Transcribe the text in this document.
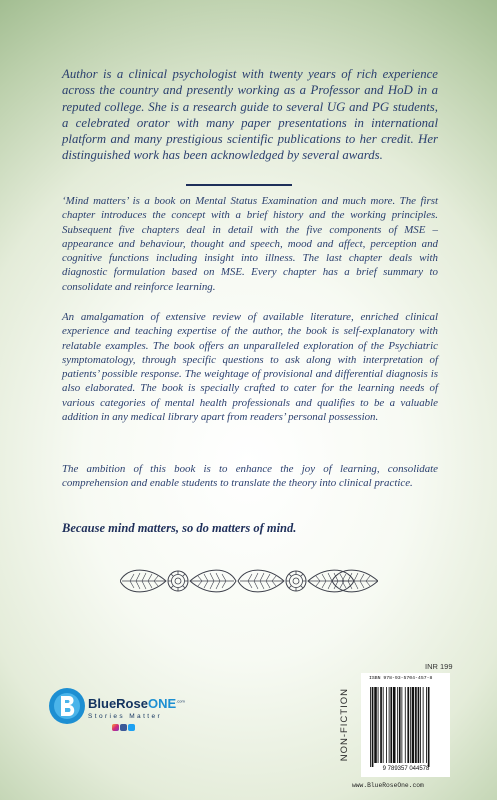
Author is a clinical psychologist with twenty years of rich experience across the country and presently working as a Professor and HoD in a reputed college. She is a research guide to several UG and PG students, a celebrated orator with many paper presentations in international platform and many prestigious scientific publications to her credit. Her distinguished work has been acknowledged by several awards.

‘Mind matters’ is a book on Mental Status Examination and much more. The first chapter introduces the concept with a brief history and the working principles. Subsequent five chapters deal in detail with the five components of MSE – appearance and behaviour, thought and speech, mood and affect, perception and cognitive functions including insight into illness. The last chapter deals with diagnostic formulation based on MSE. Every chapter has a brief summary to consolidate and reinforce learning.

An amalgamation of extensive review of available literature, enriched clinical experience and teaching expertise of the author, the book is self-explanatory with relatable examples. The book offers an unparalleled exploration of the Psychiatric symptomatology, through specific questions to ask along with interpretation of patients’ possible response. The weightage of provisional and differential diagnosis is also elaborated. The book is specially crafted to cater for the learning needs of various categories of mental health professionals and qualifies to be a valuable addition in any medical library apart from readers’ personal possession.

The ambition of this book is to enhance the joy of learning, consolidate comprehension and enable students to translate the theory into clinical practice.

Because mind matters, so do matters of mind.

INR 199
NON-FICTION
ISBN 978-93-5704-457-8
9 789357 044578
www.BlueRoseOne.com
BlueRoseONE$^{.com}$
Stories Matter
